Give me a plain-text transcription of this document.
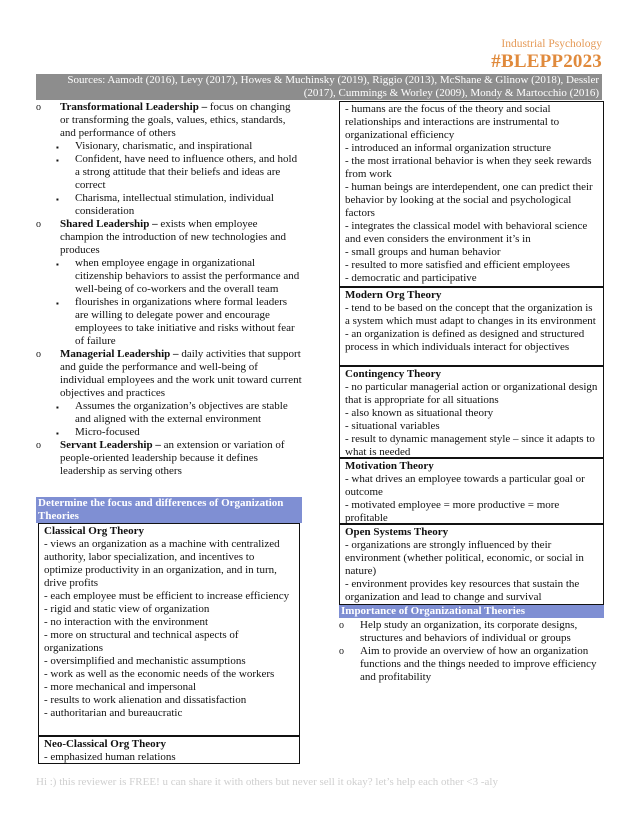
Industrial Psychology
#BLEPP2023
Sources: Aamodt (2016), Levy (2017), Howes & Muchinsky (2019), Riggio (2013), McShane & Glinow (2018), Dessler
(2017), Cummings & Worley (2009), Mondy & Martocchio (2016)
o Transformational Leadership – focus on changing or transforming the goals, values, ethics, standards, and performance of others
▪ Visionary, charismatic, and inspirational
▪ Confident, have need to influence others, and hold a strong attitude that their beliefs and ideas are correct
▪ Charisma, intellectual stimulation, individual consideration
o Shared Leadership – exists when employee champion the introduction of new technologies and produces
▪ when employee engage in organizational citizenship behaviors to assist the performance and well-being of co-workers and the overall team
▪ flourishes in organizations where formal leaders are willing to delegate power and encourage employees to take initiative and risks without fear of failure
o Managerial Leadership – daily activities that support and guide the performance and well-being of individual employees and the work unit toward current objectives and practices
▪ Assumes the organization’s objectives are stable and aligned with the external environment
▪ Micro-focused
o Servant Leadership – an extension or variation of people-oriented leadership because it defines leadership as serving others
Determine the focus and differences of Organization Theories
Classical Org Theory
- views an organization as a machine with centralized authority, labor specialization, and incentives to optimize productivity in an organization, and in turn, drive profits
- each employee must be efficient to increase efficiency
- rigid and static view of organization
- no interaction with the environment
- more on structural and technical aspects of organizations
- oversimplified and mechanistic assumptions
- work as well as the economic needs of the workers
- more mechanical and impersonal
- results to work alienation and dissatisfaction
- authoritarian and bureaucratic
Neo-Classical Org Theory
- emphasized human relations
- humans are the focus of the theory and social relationships and interactions are instrumental to organizational efficiency
- introduced an informal organization structure
- the most irrational behavior is when they seek rewards from work
- human beings are interdependent, one can predict their behavior by looking at the social and psychological factors
- integrates the classical model with behavioral science and even considers the environment it’s in
- small groups and human behavior
- resulted to more satisfied and efficient employees
- democratic and participative
Modern Org Theory
- tend to be based on the concept that the organization is a system which must adapt to changes in its environment
- an organization is defined as designed and structured process in which individuals interact for objectives
Contingency Theory
- no particular managerial action or organizational design that is appropriate for all situations
- also known as situational theory
- situational variables
- result to dynamic management style – since it adapts to what is needed
Motivation Theory
- what drives an employee towards a particular goal or outcome
- motivated employee = more productive = more profitable
Open Systems Theory
- organizations are strongly influenced by their environment (whether political, economic, or social in nature)
- environment provides key resources that sustain the organization and lead to change and survival
Importance of Organizational Theories
o Help study an organization, its corporate designs, structures and behaviors of individual or groups
o Aim to provide an overview of how an organization functions and the things needed to improve efficiency and profitability
Hi :) this reviewer is FREE! u can share it with others but never sell it okay? let’s help each other <3 -aly
